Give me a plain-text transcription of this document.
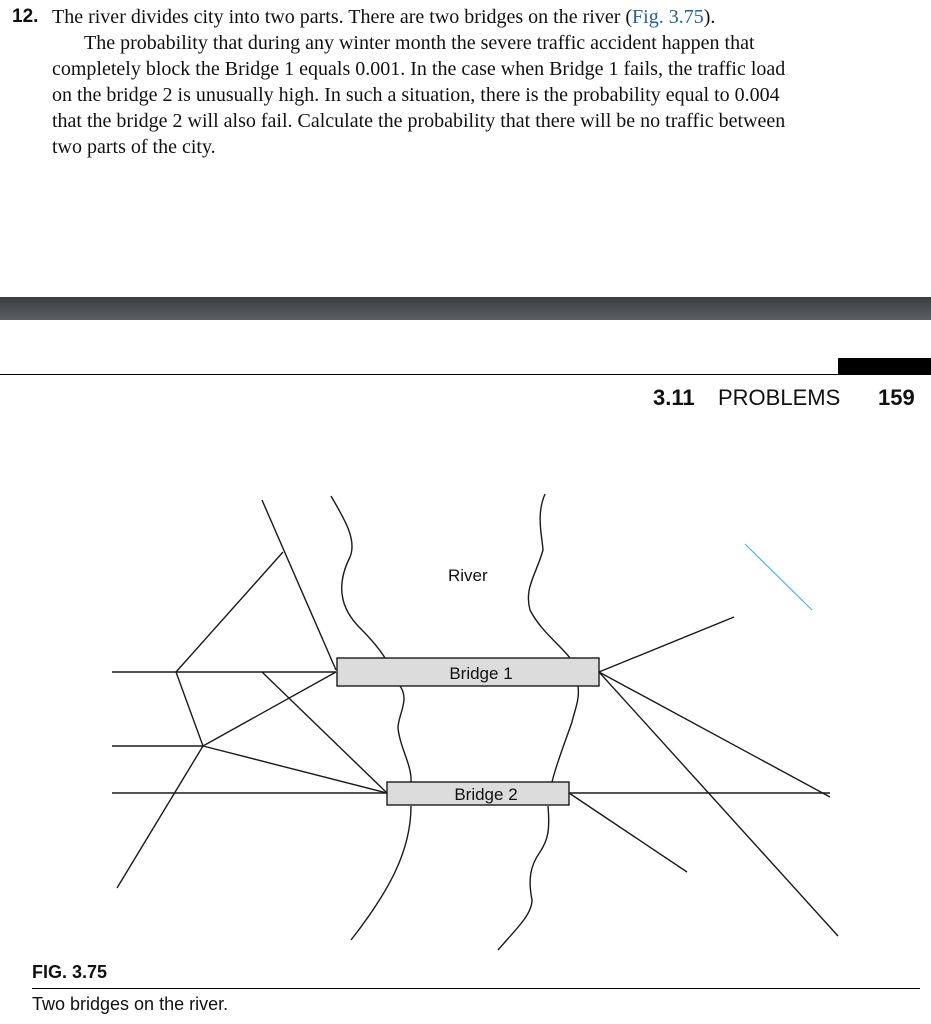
12. The river divides city into two parts. There are two bridges on the river (Fig. 3.75).
The probability that during any winter month the severe traffic accident happen that
completely block the Bridge 1 equals 0.001. In the case when Bridge 1 fails, the traffic load
on the bridge 2 is unusually high. In such a situation, there is the probability equal to 0.004
that the bridge 2 will also fail. Calculate the probability that there will be no traffic between
two parts of the city.
3.11 PROBLEMS 159
River
Bridge 1
Bridge 2
FIG. 3.75
Two bridges on the river.
